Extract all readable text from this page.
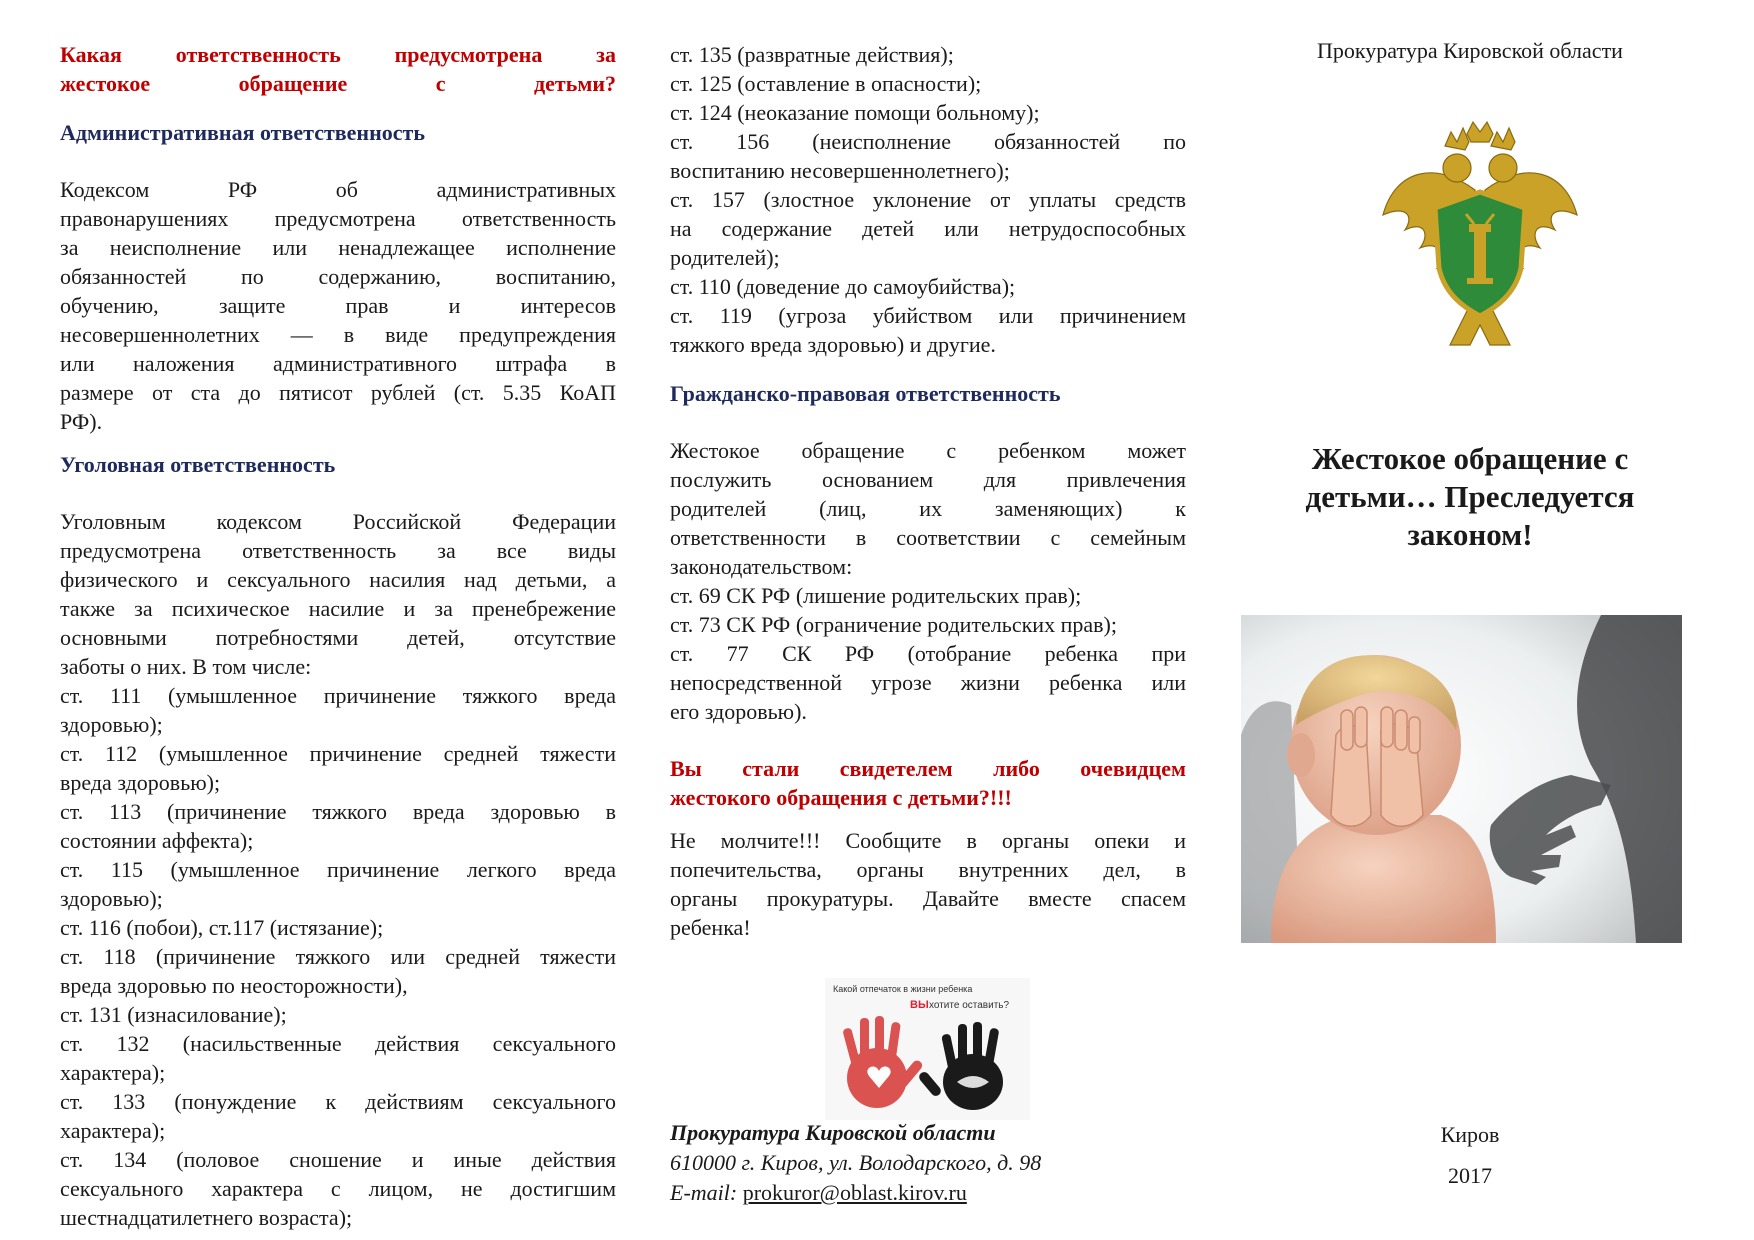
Какая ответственность предусмотрена за
жестокое обращение с детьми?
Административная ответственность
Кодексом РФ об административных
правонарушениях предусмотрена ответственность
за неисполнение или ненадлежащее исполнение
обязанностей по содержанию, воспитанию,
обучению, защите прав и интересов
несовершеннолетних — в виде предупреждения
или наложения административного штрафа в
размере от ста до пятисот рублей (ст. 5.35 КоАП
РФ).
Уголовная ответственность
Уголовным кодексом Российской Федерации
предусмотрена ответственность за все виды
физического и сексуального насилия над детьми, а
также за психическое насилие и за пренебрежение
основными потребностями детей, отсутствие
заботы о них. В том числе:
ст. 111 (умышленное причинение тяжкого вреда
здоровью);
ст. 112 (умышленное причинение средней тяжести
вреда здоровью);
ст. 113 (причинение тяжкого вреда здоровью в
состоянии аффекта);
ст. 115 (умышленное причинение легкого вреда
здоровью);
ст. 116 (побои), ст.117 (истязание);
ст. 118 (причинение тяжкого или средней тяжести
вреда здоровью по неосторожности),
ст. 131 (изнасилование);
ст. 132 (насильственные действия сексуального
характера);
ст. 133 (понуждение к действиям сексуального
характера);
ст. 134 (половое сношение и иные действия
сексуального характера с лицом, не достигшим
шестнадцатилетнего возраста);
ст. 135 (развратные действия);
ст. 125 (оставление в опасности);
ст. 124 (неоказание помощи больному);
ст. 156 (неисполнение обязанностей по
воспитанию несовершеннолетнего);
ст. 157 (злостное уклонение от уплаты средств
на содержание детей или нетрудоспособных
родителей);
ст. 110 (доведение до самоубийства);
ст. 119 (угроза убийством или причинением
тяжкого вреда здоровью) и другие.
Гражданско-правовая ответственность
Жестокое обращение с ребенком может
послужить основанием для привлечения
родителей (лиц, их заменяющих) к
ответственности в соответствии с семейным
законодательством:
ст. 69 СК РФ (лишение родительских прав);
ст. 73 СК РФ (ограничение родительских прав);
ст. 77 СК РФ (отобрание ребенка при
непосредственной угрозе жизни ребенка или
его здоровью).
Вы стали свидетелем либо очевидцем
жестокого обращения с детьми?!!!
Не молчите!!! Сообщите в органы опеки и
попечительства, органы внутренних дел, в
органы прокуратуры. Давайте вместе спасем
ребенка!
Какой отпечаток в жизни ребенка
ВЫ хотите оставить?
Прокуратура Кировской области
610000 г. Киров, ул. Володарского, д. 98
E-mail: prokuror@oblast.kirov.ru
Прокуратура Кировской области
Жестокое обращение с детьми… Преследуется законом!
Киров
2017
